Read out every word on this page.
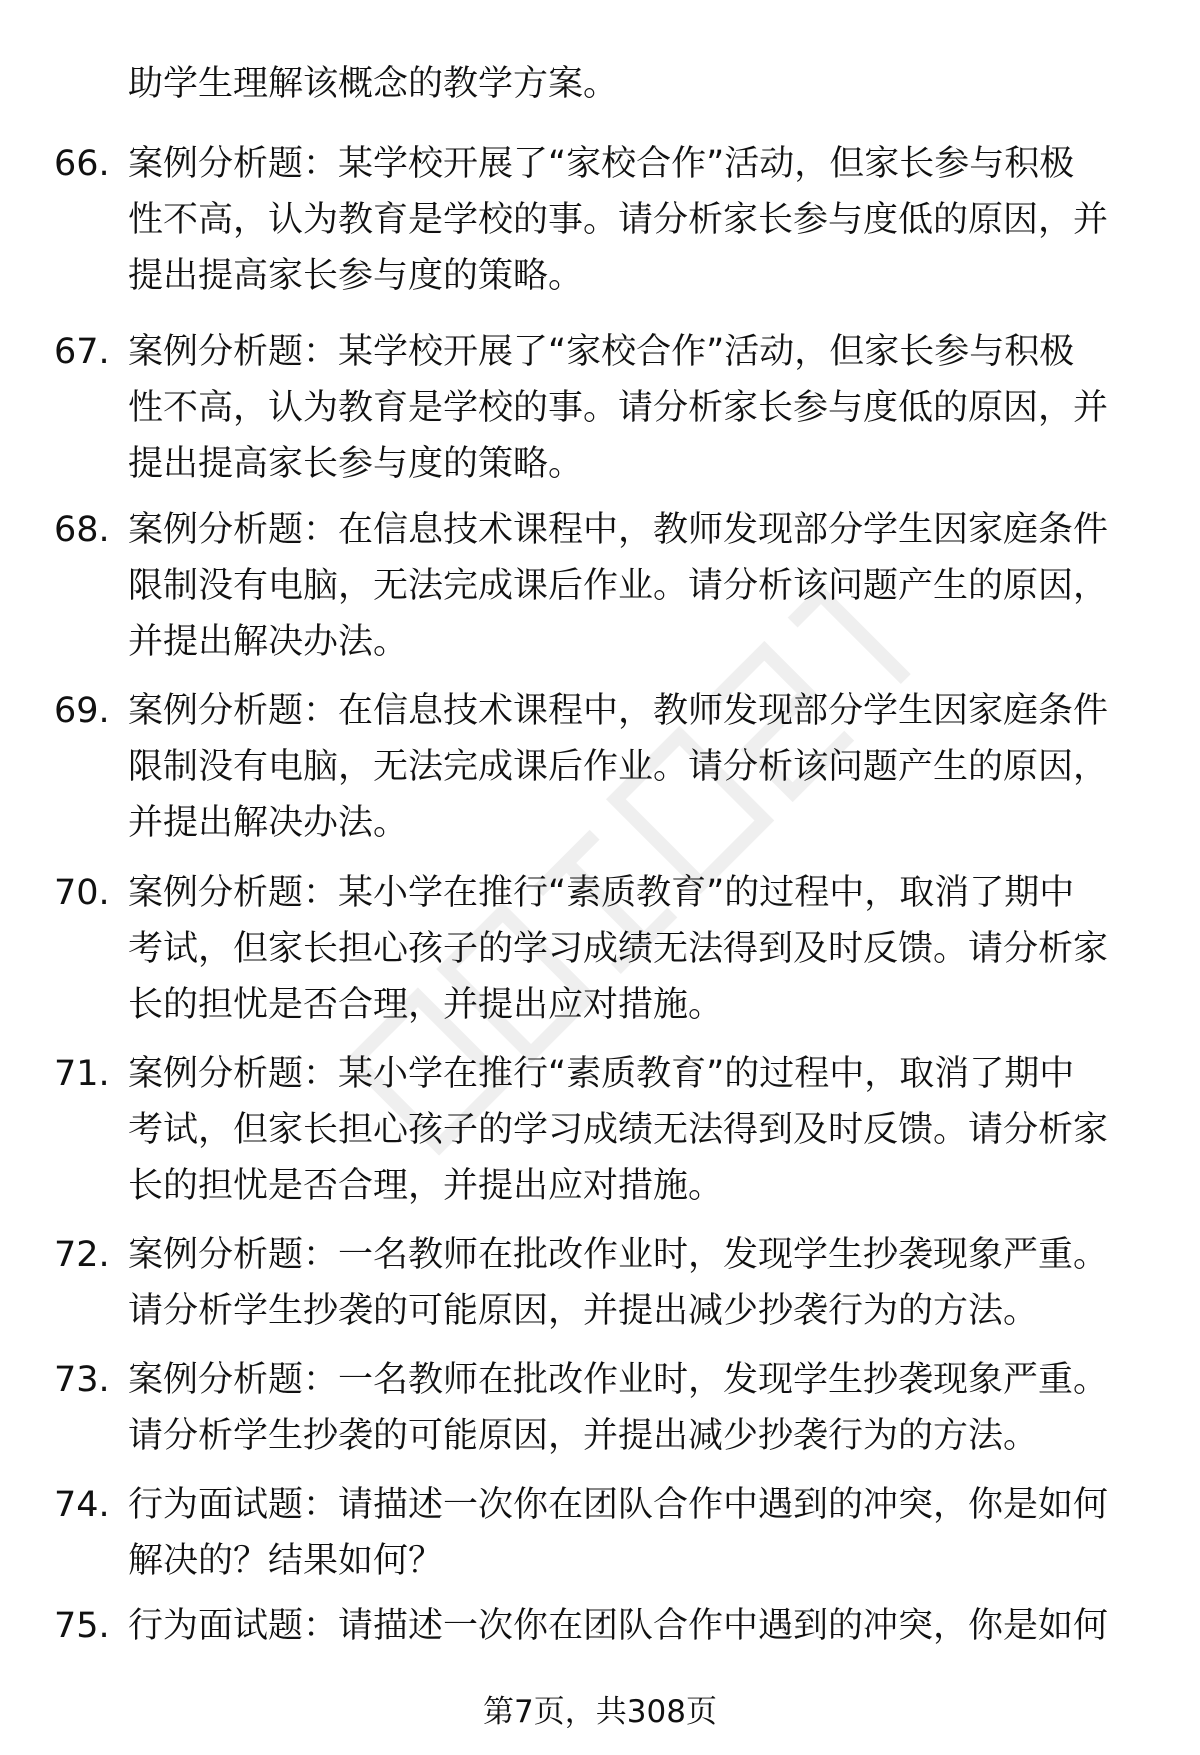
助学生理解该概念的教学方案。
66. 案例分析题：某学校开展了“家校合作”活动，但家长参与积极
性不高，认为教育是学校的事。请分析家长参与度低的原因，并
提出提高家长参与度的策略。
67. 案例分析题：某学校开展了“家校合作”活动，但家长参与积极
性不高，认为教育是学校的事。请分析家长参与度低的原因，并
提出提高家长参与度的策略。
68. 案例分析题：在信息技术课程中，教师发现部分学生因家庭条件
限制没有电脑，无法完成课后作业。请分析该问题产生的原因，
并提出解决办法。
69. 案例分析题：在信息技术课程中，教师发现部分学生因家庭条件
限制没有电脑，无法完成课后作业。请分析该问题产生的原因，
并提出解决办法。
70. 案例分析题：某小学在推行“素质教育”的过程中，取消了期中
考试，但家长担心孩子的学习成绩无法得到及时反馈。请分析家
长的担忧是否合理，并提出应对措施。
71. 案例分析题：某小学在推行“素质教育”的过程中，取消了期中
考试，但家长担心孩子的学习成绩无法得到及时反馈。请分析家
长的担忧是否合理，并提出应对措施。
72. 案例分析题：一名教师在批改作业时，发现学生抄袭现象严重。
请分析学生抄袭的可能原因，并提出减少抄袭行为的方法。
73. 案例分析题：一名教师在批改作业时，发现学生抄袭现象严重。
请分析学生抄袭的可能原因，并提出减少抄袭行为的方法。
74. 行为面试题：请描述一次你在团队合作中遇到的冲突，你是如何
解决的？结果如何？
75. 行为面试题：请描述一次你在团队合作中遇到的冲突，你是如何
第7页，共308页
